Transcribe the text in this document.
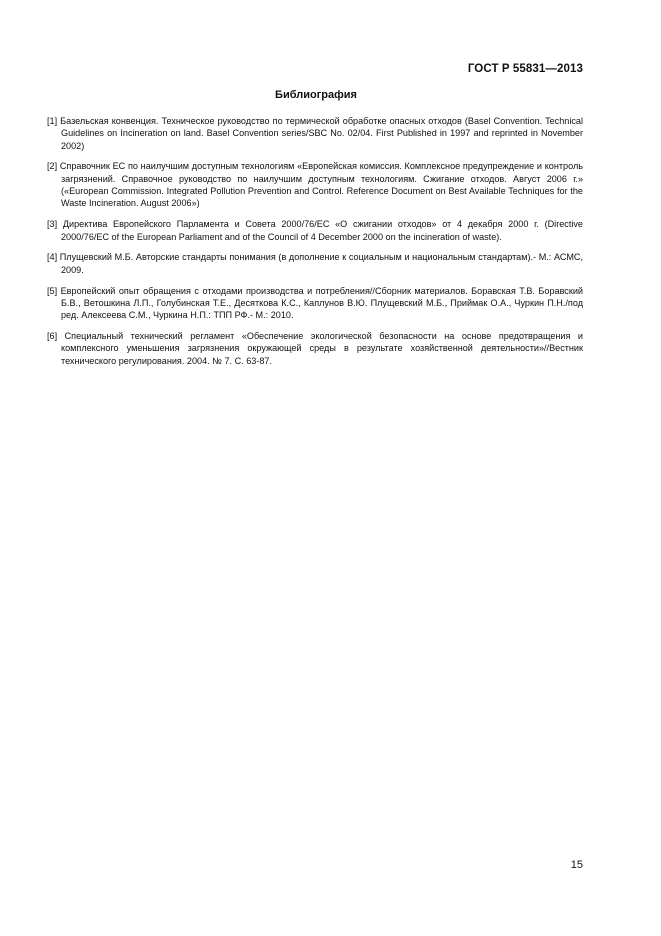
ГОСТ Р 55831—2013
Библиография
[1] Базельская конвенция. Техническое руководство по термической обработке опасных отходов (Basel Convention. Technical Guidelines on Incineration on land. Basel Convention series/SBC No. 02/04. First Published in 1997 and reprinted in November 2002)
[2] Справочник ЕС по наилучшим доступным технологиям «Европейская комиссия. Комплексное предупреждение и контроль загрязнений. Справочное руководство по наилучшим доступным технологиям. Сжигание отходов. Август 2006 г.» («European Commission. Integrated Pollution Prevention and Control. Reference Document on Best Available Techniques for the Waste Incineration. August 2006»)
[3] Директива Европейского Парламента и Совета 2000/76/ЕС «О сжигании отходов» от 4 декабря 2000 г. (Directive 2000/76/EC of the European Parliament and of the Council of 4 December 2000 on the incineration of waste).
[4] Плущевский М.Б. Авторские стандарты понимания (в дополнение к социальным и национальным стандартам).- М.: АСМС, 2009.
[5] Европейский опыт обращения с отходами производства и потребления//Сборник материалов. Боравская Т.В. Боравский Б.В., Ветошкина Л.П., Голубинская Т.Е., Десяткова К.С., Каплунов В.Ю. Плущевский М.Б., Приймак О.А., Чуркин П.Н./под ред. Алексеева С.М., Чуркина Н.П.: ТПП РФ.- М.: 2010.
[6] Специальный технический регламент «Обеспечение экологической безопасности на основе предотвращения и комплексного уменьшения загрязнения окружающей среды в результате хозяйственной деятельности»//Вестник технического регулирования. 2004. № 7. С. 63-87.
15
